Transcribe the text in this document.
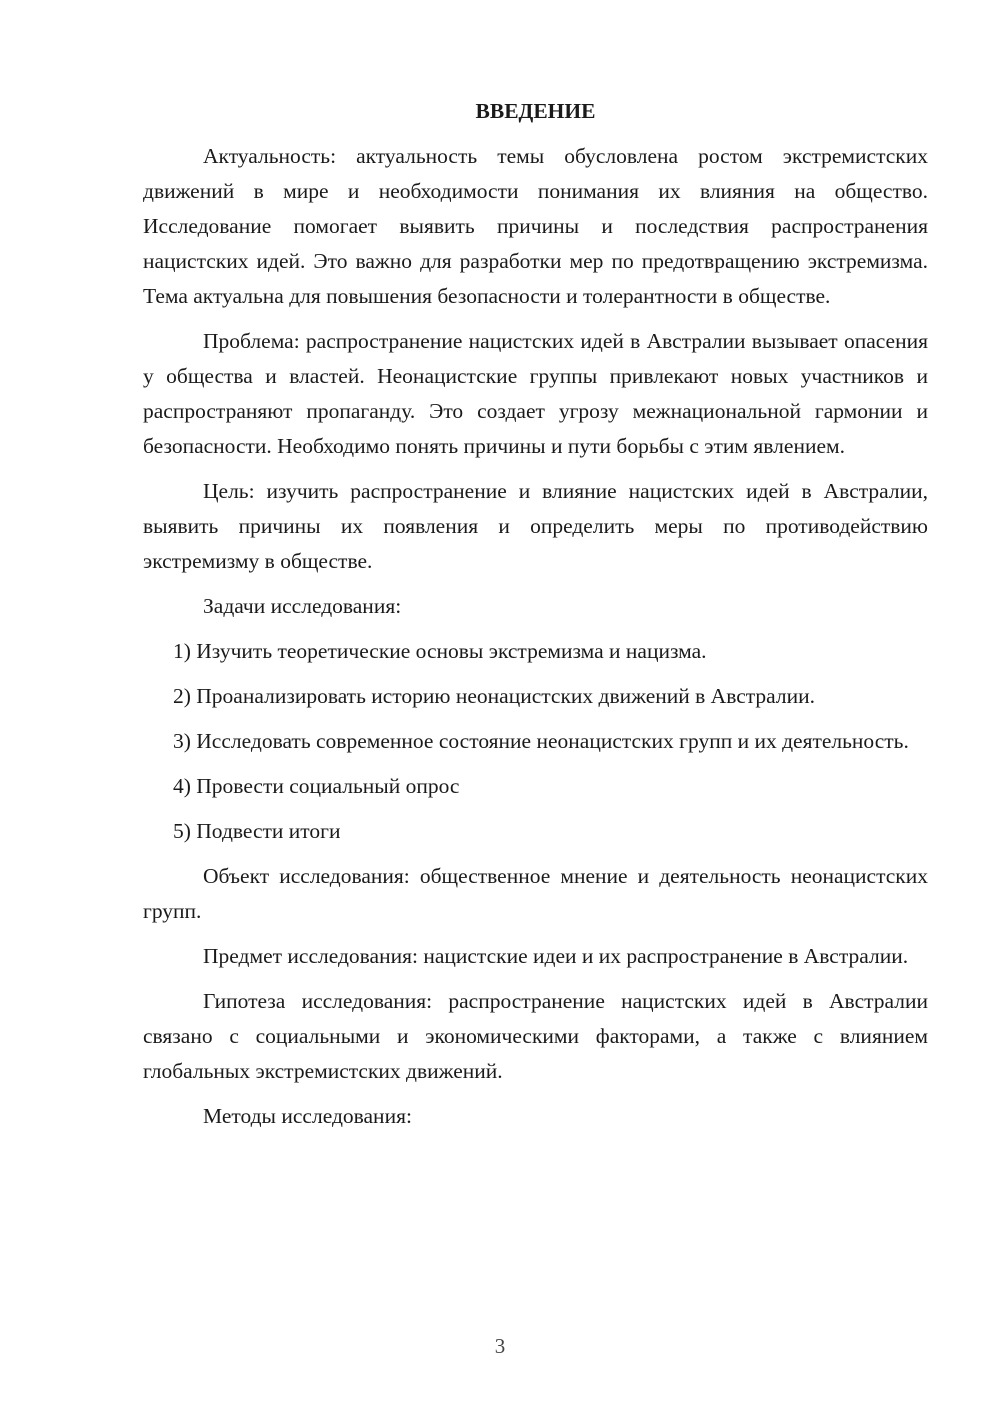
ВВЕДЕНИЕ

Актуальность: актуальность темы обусловлена ростом экстремистских движений в мире и необходимости понимания их влияния на общество. Исследование помогает выявить причины и последствия распространения нацистских идей. Это важно для разработки мер по предотвращению экстремизма. Тема актуальна для повышения безопасности и толерантности в обществе.

Проблема: распространение нацистских идей в Австралии вызывает опасения у общества и властей. Неонацистские группы привлекают новых участников и распространяют пропаганду. Это создает угрозу межнациональной гармонии и безопасности. Необходимо понять причины и пути борьбы с этим явлением.

Цель: изучить распространение и влияние нацистских идей в Австралии, выявить причины их появления и определить меры по противодействию экстремизму в обществе.

Задачи исследования:

1) Изучить теоретические основы экстремизма и нацизма.

2) Проанализировать историю неонацистских движений в Австралии.

3) Исследовать современное состояние неонацистских групп и их деятельность.

4) Провести социальный опрос

5) Подвести итоги

Объект исследования: общественное мнение и деятельность неонацистских групп.

Предмет исследования: нацистские идеи и их распространение в Австралии.

Гипотеза исследования: распространение нацистских идей в Австралии связано с социальными и экономическими факторами, а также с влиянием глобальных экстремистских движений.

Методы исследования:

3
